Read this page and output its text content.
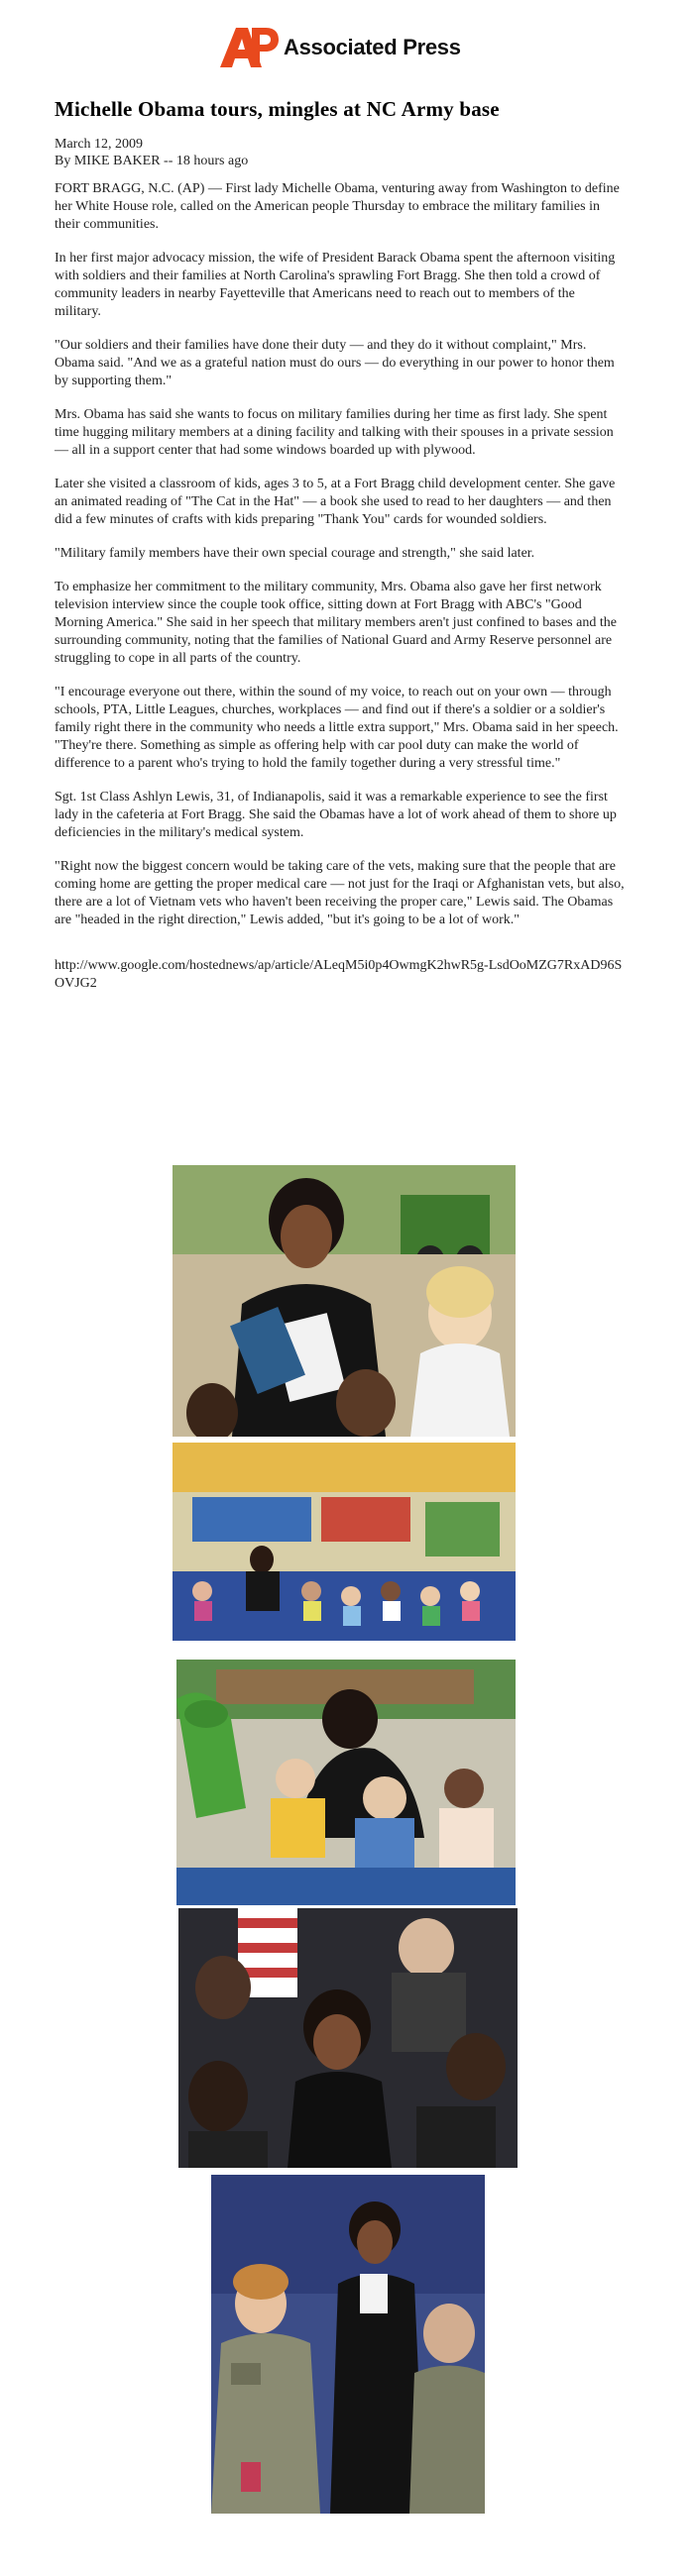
Associated Press
Michelle Obama tours, mingles at NC Army base
March 12, 2009
By MIKE BAKER -- 18 hours ago

FORT BRAGG, N.C. (AP) — First lady Michelle Obama, venturing away from Washington to define her White House role, called on the American people Thursday to embrace the military families in their communities.

In her first major advocacy mission, the wife of President Barack Obama spent the afternoon visiting with soldiers and their families at North Carolina's sprawling Fort Bragg. She then told a crowd of community leaders in nearby Fayetteville that Americans need to reach out to members of the military.

"Our soldiers and their families have done their duty — and they do it without complaint," Mrs. Obama said. "And we as a grateful nation must do ours — do everything in our power to honor them by supporting them."

Mrs. Obama has said she wants to focus on military families during her time as first lady. She spent time hugging military members at a dining facility and talking with their spouses in a private session — all in a support center that had some windows boarded up with plywood.

Later she visited a classroom of kids, ages 3 to 5, at a Fort Bragg child development center. She gave an animated reading of "The Cat in the Hat" — a book she used to read to her daughters — and then did a few minutes of crafts with kids preparing "Thank You" cards for wounded soldiers.

"Military family members have their own special courage and strength," she said later.

To emphasize her commitment to the military community, Mrs. Obama also gave her first network television interview since the couple took office, sitting down at Fort Bragg with ABC's "Good Morning America." She said in her speech that military members aren't just confined to bases and the surrounding community, noting that the families of National Guard and Army Reserve personnel are struggling to cope in all parts of the country.

"I encourage everyone out there, within the sound of my voice, to reach out on your own — through schools, PTA, Little Leagues, churches, workplaces — and find out if there's a soldier or a soldier's family right there in the community who needs a little extra support," Mrs. Obama said in her speech. "They're there. Something as simple as offering help with car pool duty can make the world of difference to a parent who's trying to hold the family together during a very stressful time."

Sgt. 1st Class Ashlyn Lewis, 31, of Indianapolis, said it was a remarkable experience to see the first lady in the cafeteria at Fort Bragg. She said the Obamas have a lot of work ahead of them to shore up deficiencies in the military's medical system.

"Right now the biggest concern would be taking care of the vets, making sure that the people that are coming home are getting the proper medical care — not just for the Iraqi or Afghanistan vets, but also, there are a lot of Vietnam vets who haven't been receiving the proper care," Lewis said. The Obamas are "headed in the right direction," Lewis added, "but it's going to be a lot of work."

http://www.google.com/hostednews/ap/article/ALeqM5i0p4OwmgK2hwR5g-LsdOoMZG7RxAD96SOVJG2
